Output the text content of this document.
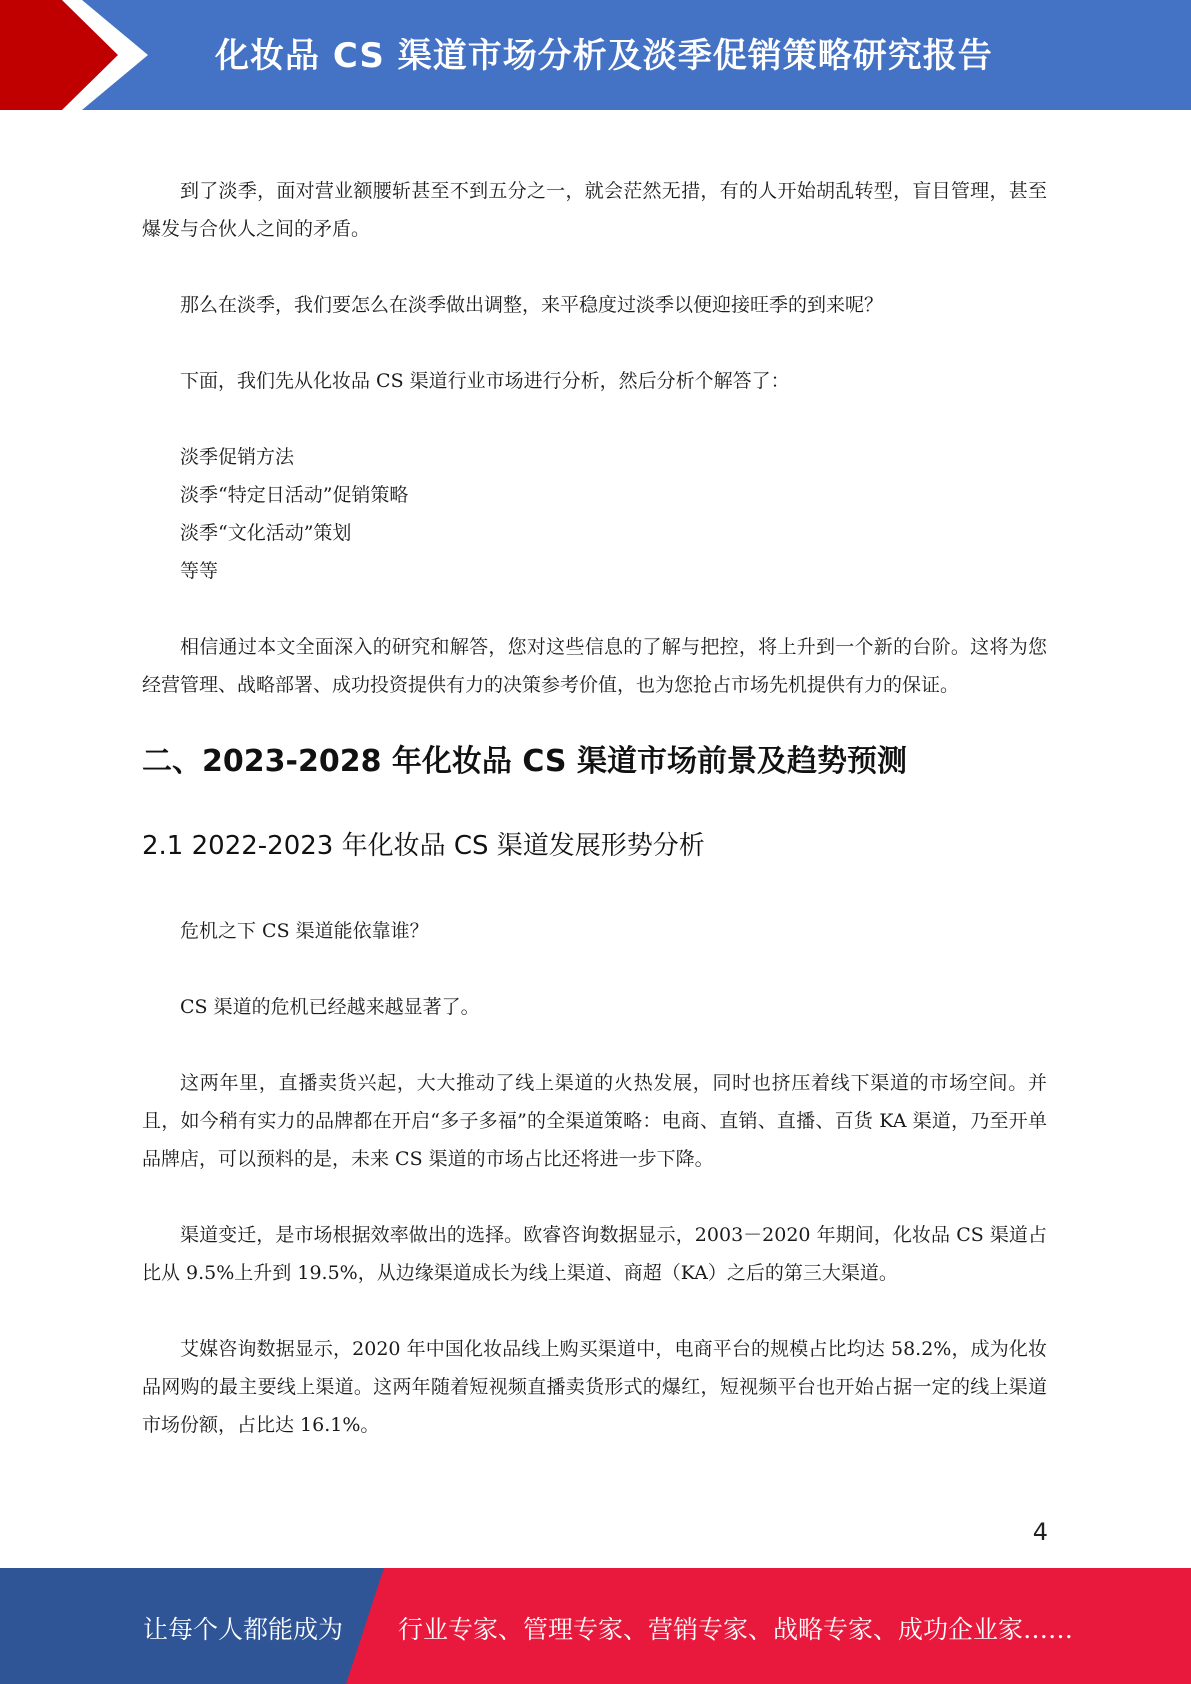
化妆品 CS 渠道市场分析及淡季促销策略研究报告

到了淡季，面对营业额腰斩甚至不到五分之一，就会茫然无措，有的人开始胡乱转型，盲目管理，甚至爆发与合伙人之间的矛盾。

那么在淡季，我们要怎么在淡季做出调整，来平稳度过淡季以便迎接旺季的到来呢？

下面，我们先从化妆品 CS 渠道行业市场进行分析，然后分析个解答了：

淡季促销方法
淡季“特定日活动”促销策略
淡季“文化活动”策划
等等

相信通过本文全面深入的研究和解答，您对这些信息的了解与把控，将上升到一个新的台阶。这将为您经营管理、战略部署、成功投资提供有力的决策参考价值，也为您抢占市场先机提供有力的保证。

二、2023-2028 年化妆品 CS 渠道市场前景及趋势预测
2.1 2022-2023 年化妆品 CS 渠道发展形势分析

危机之下 CS 渠道能依靠谁？

CS 渠道的危机已经越来越显著了。

这两年里，直播卖货兴起，大大推动了线上渠道的火热发展，同时也挤压着线下渠道的市场空间。并且，如今稍有实力的品牌都在开启“多子多福”的全渠道策略：电商、直销、直播、百货 KA 渠道，乃至开单品牌店，可以预料的是，未来 CS 渠道的市场占比还将进一步下降。

渠道变迁，是市场根据效率做出的选择。欧睿咨询数据显示，2003－2020 年期间，化妆品 CS 渠道占比从 9.5%上升到 19.5%，从边缘渠道成长为线上渠道、商超（KA）之后的第三大渠道。

艾媒咨询数据显示，2020 年中国化妆品线上购买渠道中，电商平台的规模占比均达 58.2%，成为化妆品网购的最主要线上渠道。这两年随着短视频直播卖货形式的爆红，短视频平台也开始占据一定的线上渠道市场份额，占比达 16.1%。

4
让每个人都能成为 行业专家、管理专家、营销专家、战略专家、成功企业家……
